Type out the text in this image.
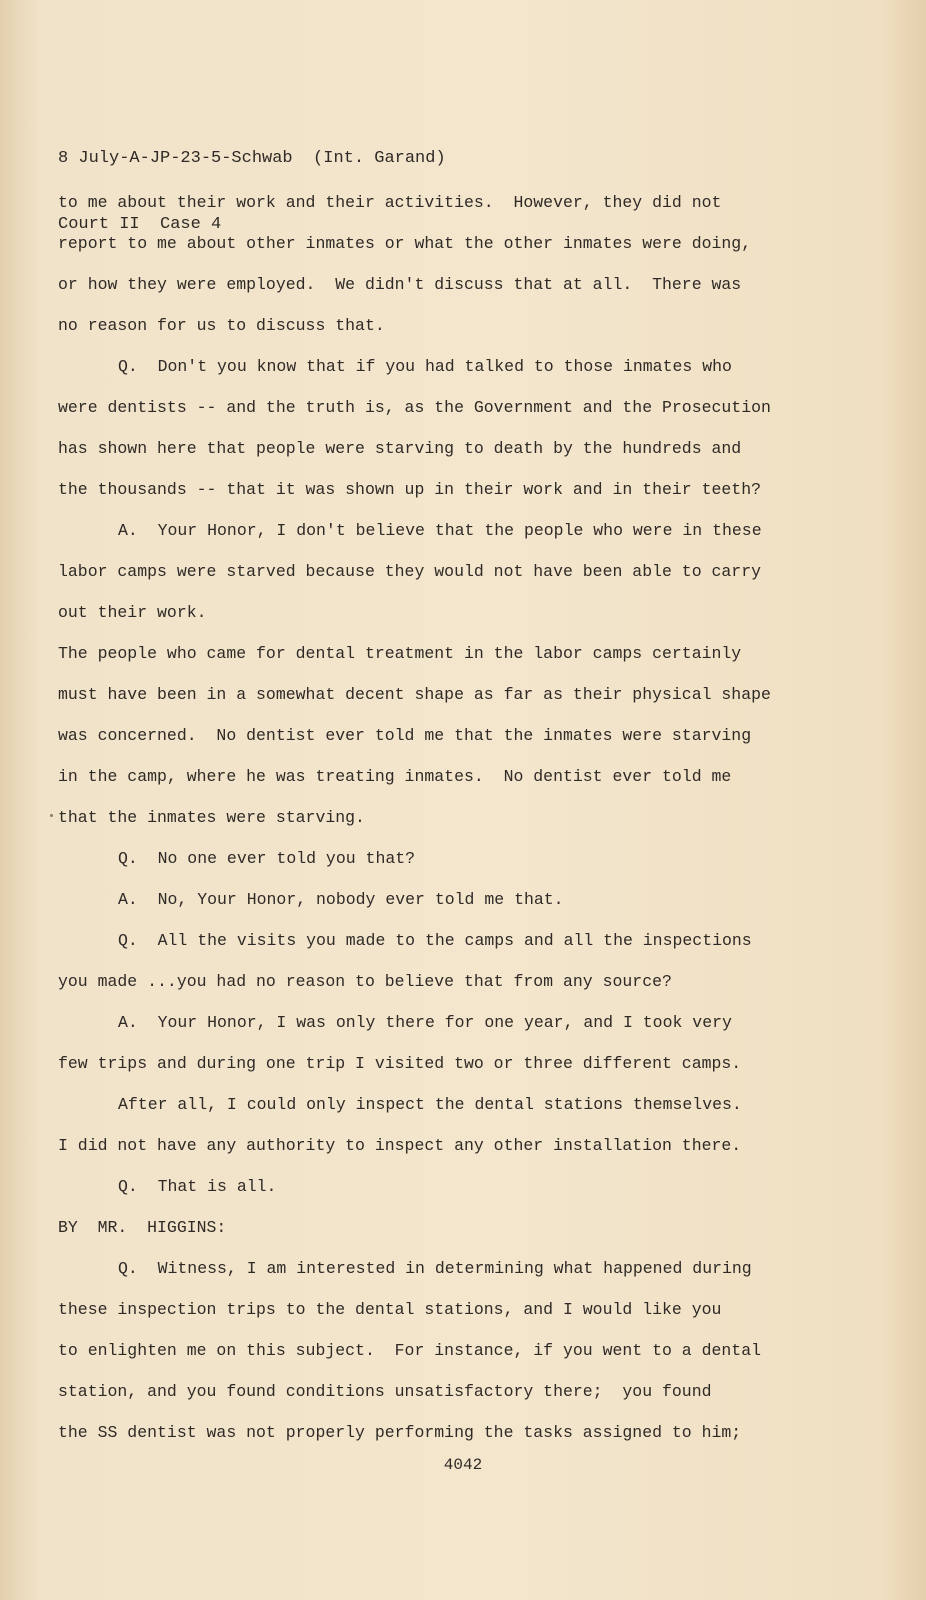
8 July-A-JP-23-5-Schwab  (Int. Garand)

Court II  Case 4

to me about their work and their activities.  However, they did not

report to me about other inmates or what the other inmates were doing,

or how they were employed.  We didn't discuss that at all.  There was

no reason for us to discuss that.

Q.  Don't you know that if you had talked to those inmates who

were dentists -- and the truth is, as the Government and the Prosecution

has shown here that people were starving to death by the hundreds and

the thousands -- that it was shown up in their work and in their teeth?

A.  Your Honor, I don't believe that the people who were in these

labor camps were starved because they would not have been able to carry

out their work.

The people who came for dental treatment in the labor camps certainly

must have been in a somewhat decent shape as far as their physical shape

was concerned.  No dentist ever told me that the inmates were starving

in the camp, where he was treating inmates.  No dentist ever told me

that the inmates were starving.

Q.  No one ever told you that?

A.  No, Your Honor, nobody ever told me that.

Q.  All the visits you made to the camps and all the inspections

you made ...you had no reason to believe that from any source?

A.  Your Honor, I was only there for one year, and I took very

few trips and during one trip I visited two or three different camps.

After all, I could only inspect the dental stations themselves.

I did not have any authority to inspect any other installation there.

Q.  That is all.

BY  MR.  HIGGINS:

Q.  Witness, I am interested in determining what happened during

these inspection trips to the dental stations, and I would like you

to enlighten me on this subject.  For instance, if you went to a dental

station, and you found conditions unsatisfactory there;  you found

the SS dentist was not properly performing the tasks assigned to him;

4042
